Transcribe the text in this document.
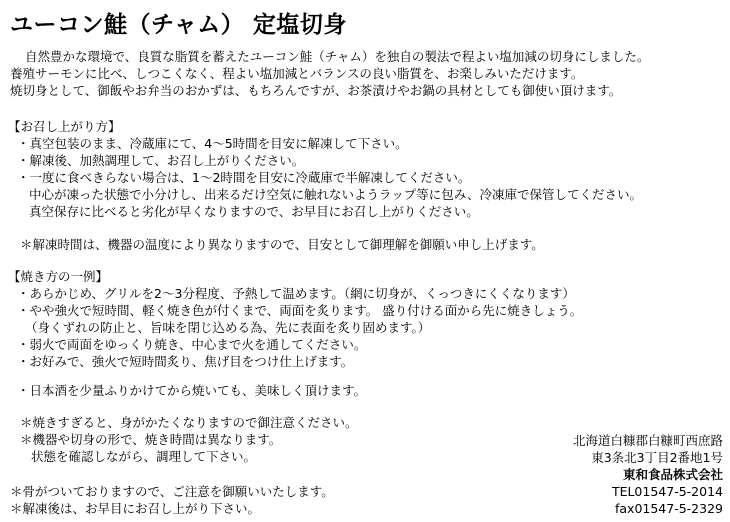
ユーコン鮭（チャム） 定塩切身
自然豊かな環境で、良質な脂質を蓄えたユーコン鮭（チャム）を独自の製法で程よい塩加減の切身にしました。
養殖サーモンに比べ、しつこくなく、程よい塩加減とバランスの良い脂質を、お楽しみいただけます。
焼切身として、御飯やお弁当のおかずは、もちろんですが、お茶漬けやお鍋の具材としても御使い頂けます。
【お召し上がり方】
・真空包装のまま、冷蔵庫にて、4～5時間を目安に解凍して下さい。
・解凍後、加熱調理して、お召し上がりください。
・一度に食べきらない場合は、1～2時間を目安に冷蔵庫で半解凍してください。
中心が凍った状態で小分けし、出来るだけ空気に触れないようラップ等に包み、冷凍庫で保管してください。
真空保存に比べると劣化が早くなりますので、お早目にお召し上がりください。
＊解凍時間は、機器の温度により異なりますので、目安として御理解を御願い申し上げます。
【焼き方の一例】
・あらかじめ、グリルを2～3分程度、予熱して温めます。（網に切身が、くっつきにくくなります）
・やや強火で短時間、軽く焼き色が付くまで、両面を炙ります。 盛り付ける面から先に焼きしょう。
（身くずれの防止と、旨味を閉じ込める為、先に表面を炙り固めます。）
・弱火で両面をゆっくり焼き、中心まで火を通してください。
・お好みで、強火で短時間炙り、焦げ目をつけ仕上げます。
・日本酒を少量ふりかけてから焼いても、美味しく頂けます。
＊焼きすぎると、身がかたくなりますので御注意ください。
＊機器や切身の形で、焼き時間は異なります。
状態を確認しながら、調理して下さい。
＊骨がついておりますので、ご注意を御願いいたします。
＊解凍後は、お早目にお召し上がり下さい。
北海道白糠郡白糠町西庶路
東3条北3丁目2番地1号
東和食品株式会社
TEL01547-5-2014
fax01547-5-2329
